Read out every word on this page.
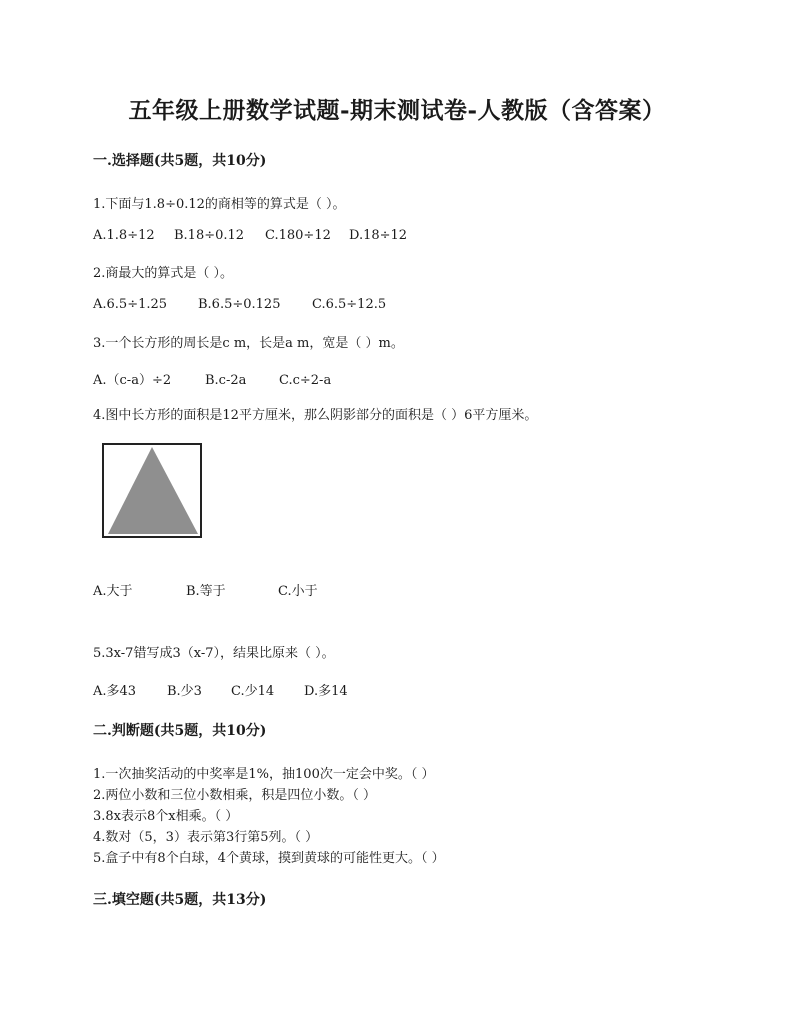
五年级上册数学试题-期末测试卷-人教版（含答案）
一.选择题(共5题，共10分)
1.下面与1.8÷0.12的商相等的算式是（ ）。
A.1.8÷12 B.18÷0.12 C.180÷12 D.18÷12
2.商最大的算式是（ ）。
A.6.5÷1.25 B.6.5÷0.125 C.6.5÷12.5
3.一个长方形的周长是c m，长是a m，宽是（ ）m。
A.（c-a）÷2	B.c-2a	C.c÷2-a
4.图中长方形的面积是12平方厘米，那么阴影部分的面积是（ ）6平方厘米。
A.大于	B.等于	C.小于
5.3x-7错写成3（x-7），结果比原来（ ）。
A.多43 B.少3 C.少14 D.多14
二.判断题(共5题，共10分)
1.一次抽奖活动的中奖率是1%，抽100次一定会中奖。（ ）
2.两位小数和三位小数相乘，积是四位小数。（ ）
3.8x表示8个x相乘。（ ）
4.数对（5，3）表示第3行第5列。（ ）
5.盒子中有8个白球，4个黄球，摸到黄球的可能性更大。（ ）
三.填空题(共5题，共13分)
